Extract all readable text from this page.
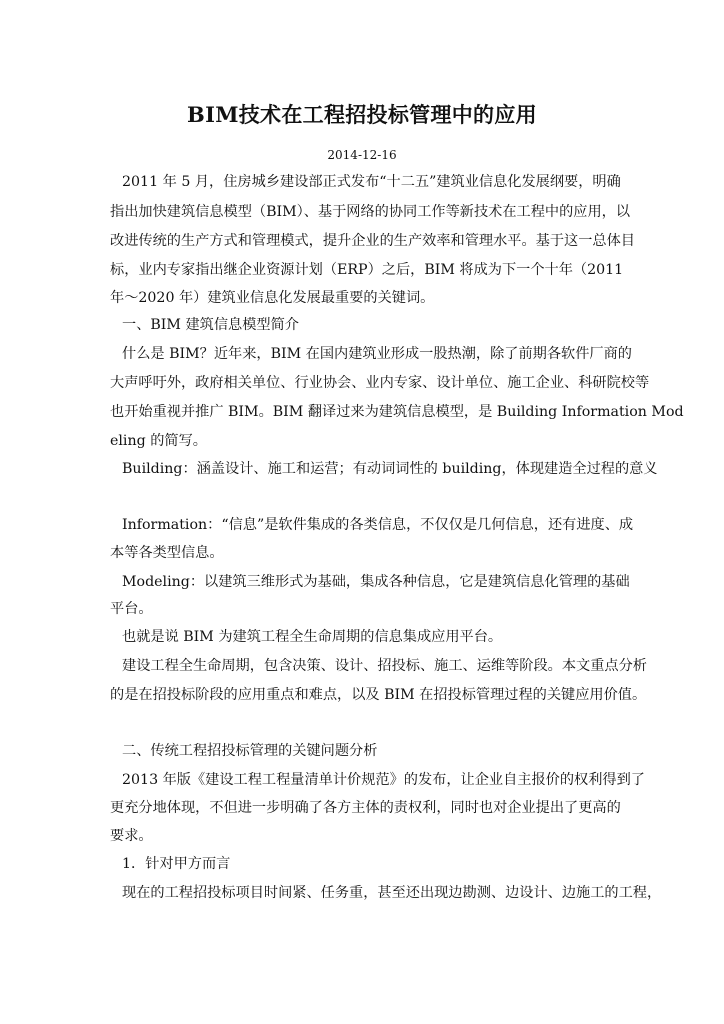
BIM技术在工程招投标管理中的应用
2014-12-16
2011 年 5 月，住房城乡建设部正式发布“十二五”建筑业信息化发展纲要，明确
指出加快建筑信息模型（BIM）、基于网络的协同工作等新技术在工程中的应用，以
改进传统的生产方式和管理模式，提升企业的生产效率和管理水平。基于这一总体目
标，业内专家指出继企业资源计划（ERP）之后，BIM 将成为下一个十年（2011
年～2020 年）建筑业信息化发展最重要的关键词。
一、BIM 建筑信息模型简介
什么是 BIM？近年来，BIM 在国内建筑业形成一股热潮，除了前期各软件厂商的
大声呼吁外，政府相关单位、行业协会、业内专家、设计单位、施工企业、科研院校等
也开始重视并推广 BIM。BIM 翻译过来为建筑信息模型，是 Building Information Mod
eling 的简写。
Building：涵盖设计、施工和运营；有动词词性的 building，体现建造全过程的意义
Information：“信息”是软件集成的各类信息，不仅仅是几何信息，还有进度、成
本等各类型信息。
Modeling：以建筑三维形式为基础，集成各种信息，它是建筑信息化管理的基础
平台。
也就是说 BIM 为建筑工程全生命周期的信息集成应用平台。
建设工程全生命周期，包含决策、设计、招投标、施工、运维等阶段。本文重点分析
的是在招投标阶段的应用重点和难点，以及 BIM 在招投标管理过程的关键应用价值。
二、传统工程招投标管理的关键问题分析
2013 年版《建设工程工程量清单计价规范》的发布，让企业自主报价的权利得到了
更充分地体现，不但进一步明确了各方主体的责权利，同时也对企业提出了更高的
要求。
1．针对甲方而言
现在的工程招投标项目时间紧、任务重，甚至还出现边勘测、边设计、边施工的工程，
